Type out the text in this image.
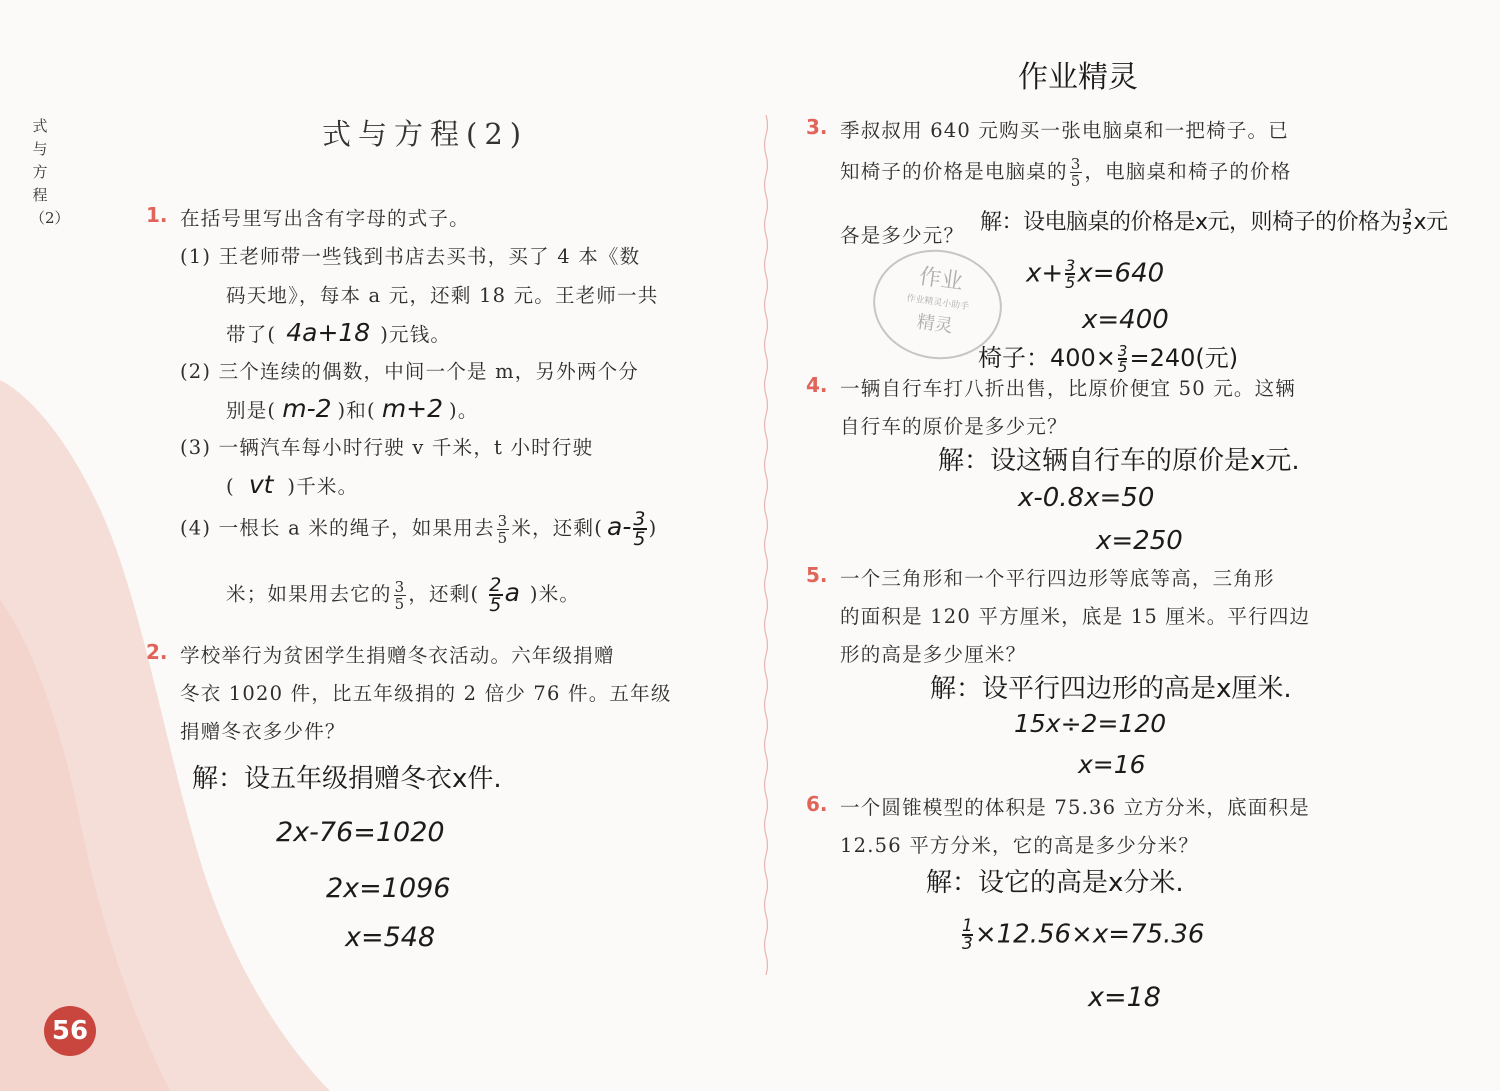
式与方程（2）
式与方程(2)
作业精灵
1. 在括号里写出含有字母的式子。
(1) 王老师带一些钱到书店去买书，买了 4 本《数
码天地》，每本 a 元，还剩 18 元。王老师一共
带了( 4a+18 )元钱。
(2) 三个连续的偶数，中间一个是 m，另外两个分
别是( m-2 )和( m+2 )。
(3) 一辆汽车每小时行驶 v 千米，t 小时行驶
( vt )千米。
(4) 一根长 a 米的绳子，如果用去 $\frac{3}{5}$ 米，还剩( $a- \frac{3}{5}$ )
米；如果用去它的 $\frac{3}{5}$ ，还剩( $\frac{2}{5}$ a )米。
2. 学校举行为贫困学生捐赠冬衣活动。六年级捐赠
冬衣 1020 件，比五年级捐的 2 倍少 76 件。五年级
捐赠冬衣多少件？
解：设五年级捐赠冬衣x件.
2x-76=1020
2x=1096
x=548
3. 季叔叔用 640 元购买一张电脑桌和一把椅子。已
知椅子的价格是电脑桌的 $\frac{3}{5}$ ，电脑桌和椅子的价格
各是多少元？
解：设电脑桌的价格是x元，则椅子的价格为 $\frac{3}{5}$ x元
$x+ \frac{3}{5} x=640$
x=400
椅子：$400\times \frac{3}{5} =240$(元)
作业
作业精灵小助手
精灵
4. 一辆自行车打八折出售，比原价便宜 50 元。这辆
自行车的原价是多少元？
解：设这辆自行车的原价是x元.
x-0.8x=50
x=250
5. 一个三角形和一个平行四边形等底等高，三角形
的面积是 120 平方厘米，底是 15 厘米。平行四边
形的高是多少厘米？
解：设平行四边形的高是x厘米.
15x÷2=120
x=16
6. 一个圆锥模型的体积是 75.36 立方分米，底面积是
12.56 平方分米，它的高是多少分米？
解：设它的高是x分米.
$\frac{1}{3} \times 12.56\times x=75.36$
x=18
56
